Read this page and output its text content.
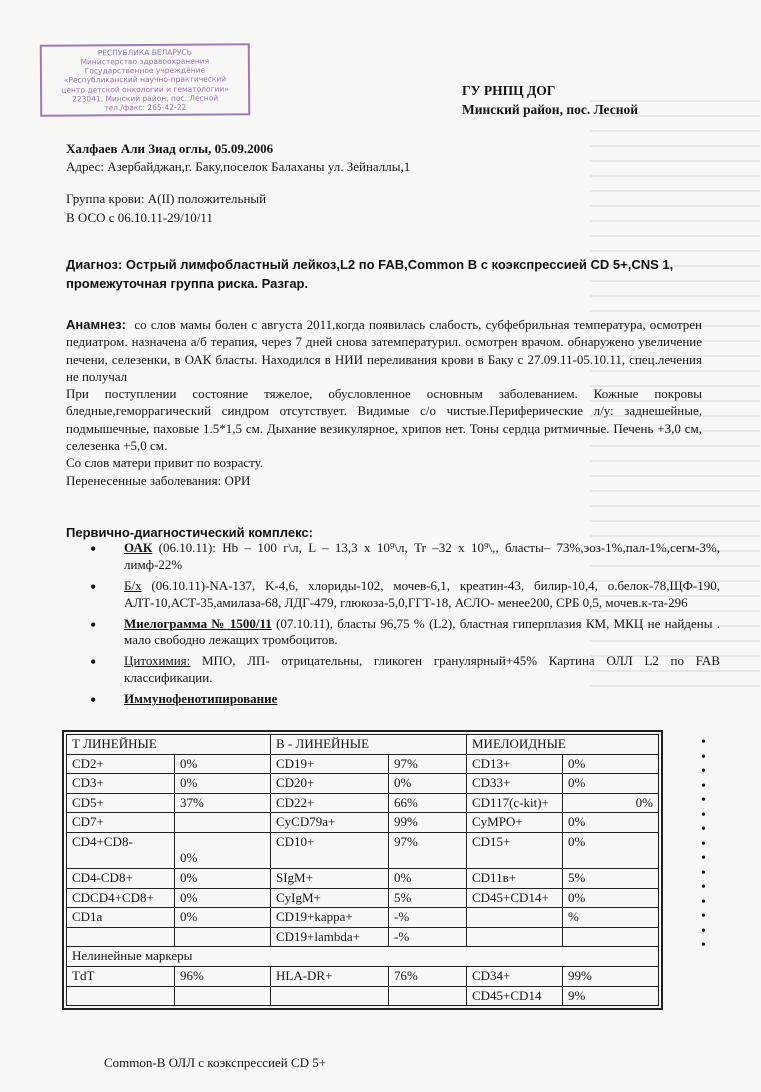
РЕСПУБЛИКА БЕЛАРУСЬ
Министерство здравоохранения
Государственное учреждение
«Республиканский научно-практический
центр детской онкологии и гематологии»
223041, Минский район, пос. Лесной
тел./факс: 265-42-22
ГУ РНПЦ ДОГ
Минский район, пос. Лесной
Халфаев Али Зиад оглы, 05.09.2006
Адрес: Азербайджан,г. Баку,поселок Балаханы ул. Зейналлы,1
Группа крови: А(II) положительный
В ОСО с 06.10.11-29/10/11
Диагноз: Острый лимфобластный лейкоз,L2 по FAB,Common B с коэкспрессией CD 5+,CNS 1, промежуточная группа риска. Разгар.
Анамнез: со слов мамы болен с августа 2011,когда появилась слабость, субфебрильная температура, осмотрен педиатром. назначена а/б терапия, через 7 дней снова затемпературил. осмотрен врачом. обнаружено увеличение печени, селезенки, в ОАК бласты. Находился в НИИ переливания крови в Баку с 27.09.11-05.10.11, спец.лечения не получал
При поступлении состояние тяжелое, обусловленное основным заболеванием. Кожные покровы бледные,геморрагический синдром отсутствует. Видимые с/о чистые.Периферические л/у: заднешейные, подмышечные, паховые 1.5*1,5 см. Дыхание везикулярное, хрипов нет. Тоны сердца ритмичные. Печень +3,0 см, селезенка +5,0 см.
Со слов матери привит по возрасту.
Перенесенные заболевания: ОРИ
Первично-диагностический комплекс:
• ОАК (06.10.11): Hb – 100 г\л, L – 13,3 х 10⁹\л, Tr –32 х 10⁹\,, бласты– 73%,эоз-1%,пал-1%,сегм-3%, лимф-22%
• Б/х (06.10.11)-NA-137, K-4,6, хлориды-102, мочев-6,1, креатин-43, билир-10,4, о.белок-78,ЩФ-190, АЛТ-10,АСТ-35,амилаза-68, ЛДГ-479, глюкоза-5,0,ГГТ-18, АСЛО- менее200, СРБ 0,5, мочев.к-та-296
• Миелограмма № 1500/11 (07.10.11), бласты 96,75 % (L2), бластная гиперплазия КМ, МКЦ не найдены . мало свободно лежащих тромбоцитов.
• Цитохимия: МПО, ЛП- отрицательны, гликоген гранулярный+45% Картина ОЛЛ L2 по FAB классификации.
• Иммунофенотипирование
Т ЛИНЕЙНЫЕ		В - ЛИНЕЙНЫЕ		МИЕЛОИДНЫЕ	
CD2+	0%	CD19+	97%	CD13+	0%
CD3+	0%	CD20+	0%	CD33+	0%
CD5+	37%	CD22+	66%	CD117(c-kit)+	0%
CD7+		CyCD79a+	99%	CyMPO+	0%
CD4+CD8-	0%	CD10+	97%	CD15+	0%
CD4-CD8+	0%	SIgM+	0%	CD11в+	5%
CDCD4+CD8+	0%	CyIgM+	5%	CD45+CD14+	0%
CD1a	0%	CD19+kappa+	-%		%
		CD19+lambda+	-%		
Нелинейные маркеры					
TdT	96%	HLA-DR+	76%	CD34+	99%
				CD45+CD14	9%
•
•
•
•
•
•
•
•
•
•
•
•
•
•
•
Common-B ОЛЛ с коэкспрессией CD 5+
